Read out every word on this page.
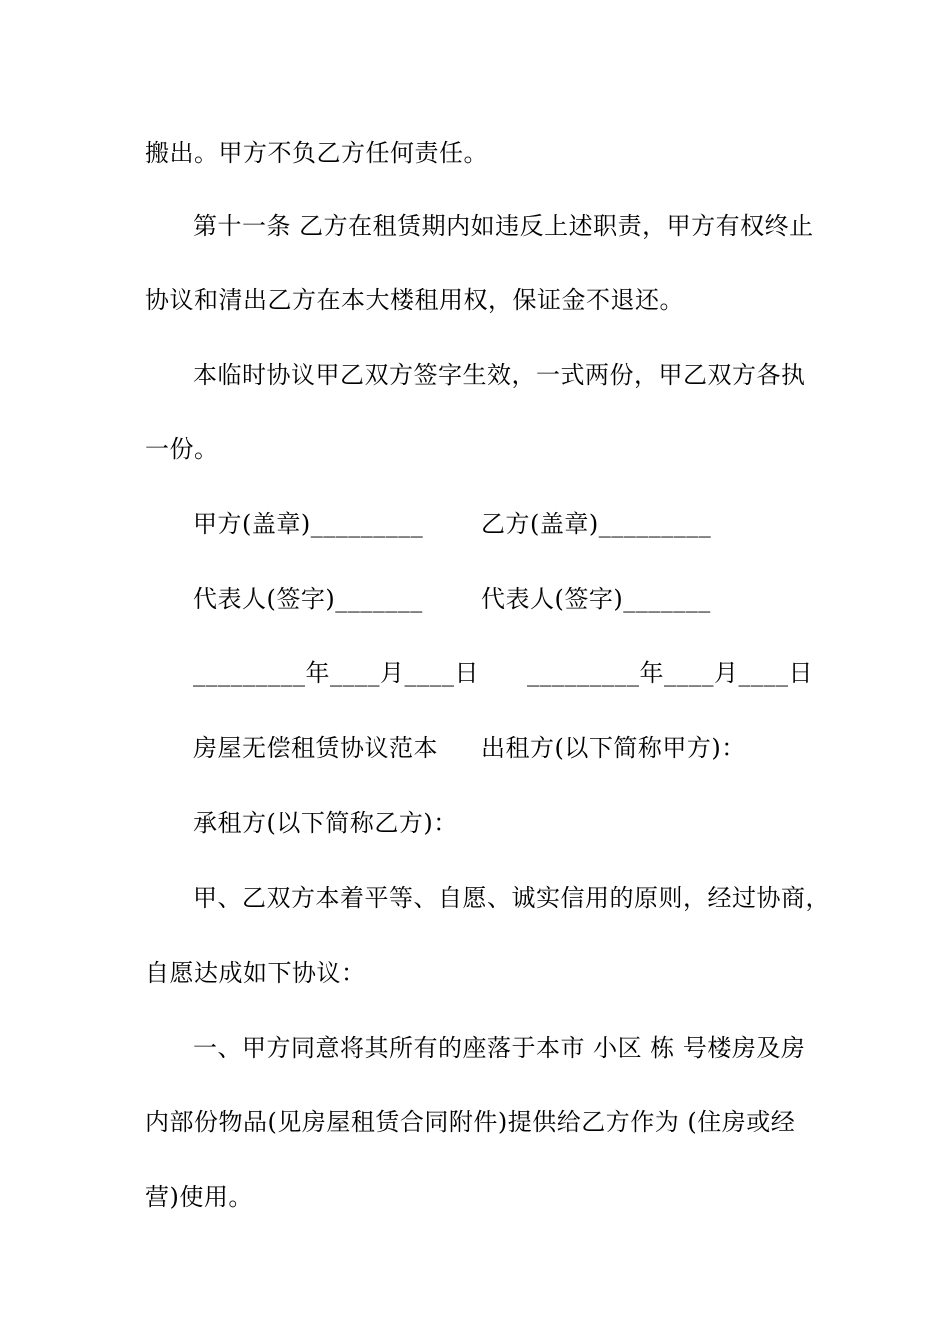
搬出。甲方不负乙方任何责任。
第十一条 乙方在租赁期内如违反上述职责，甲方有权终止
协议和清出乙方在本大楼租用权，保证金不退还。
本临时协议甲乙双方签字生效，一式两份，甲乙双方各执
一份。
甲方(盖章)_________ 乙方(盖章)_________
代表人(签字)_______ 代表人(签字)_______
_________年____月____日 _________年____月____日
房屋无偿租赁协议范本 出租方(以下简称甲方)：
承租方(以下简称乙方)：
甲、乙双方本着平等、自愿、诚实信用的原则，经过协商，
自愿达成如下协议：
一、甲方同意将其所有的座落于本市 小区 栋 号楼房及房
内部份物品(见房屋租赁合同附件)提供给乙方作为 (住房或经
营)使用。
